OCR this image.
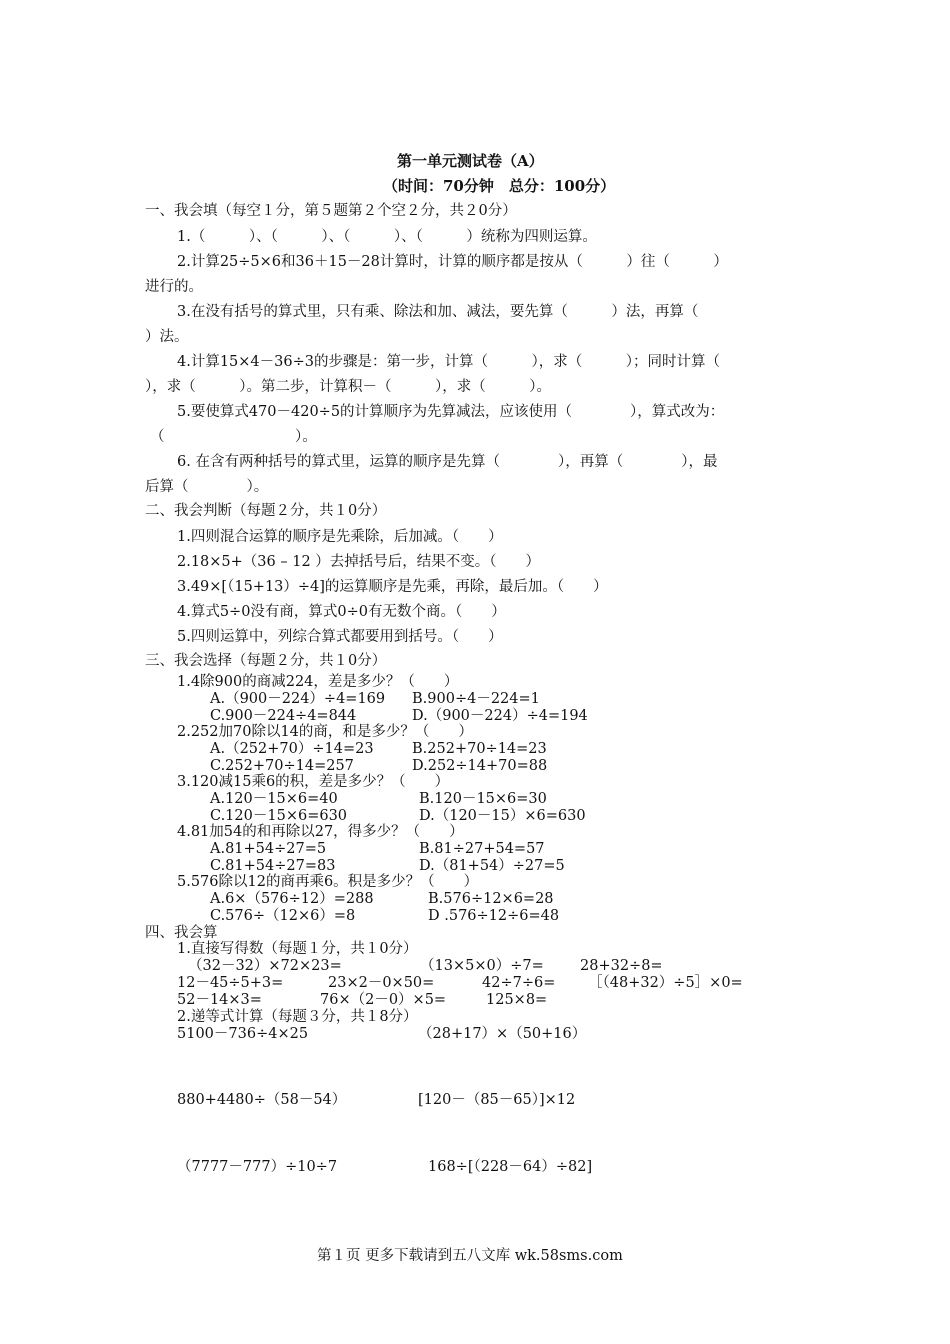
第一单元测试卷（A）
（时间：70分钟　总分：100分）
一、我会填（每空１分，第５题第２个空２分，共２0分）
1.（　　　）、（　　　）、（　　　）、（　　　）统称为四则运算。
2.计算25÷5×6和36＋15－28计算时，计算的顺序都是按从（　　　）往（　　　）
进行的。
3.在没有括号的算式里，只有乘、除法和加、减法，要先算（　　　）法，再算（
）法。
4.计算15×4－36÷3的步骤是：第一步，计算（　　　），求（　　　）；同时计算（
），求（　　　）。第二步，计算积－（　　　），求（　　　）。
5.要使算式470－420÷5的计算顺序为先算减法，应该使用（　　　　），算式改为：
（　　　　　　　　　）。
6. 在含有两种括号的算式里，运算的顺序是先算（　　　　），再算（　　　　），最
后算（　　　　）。
二、我会判断（每题２分，共１0分）
1.四则混合运算的顺序是先乘除，后加减。（　　）
2.18×5+（36 – 12 ）去掉括号后，结果不变。（　　）
3.49×[（15+13）÷4]的运算顺序是先乘，再除，最后加。（　　）
4.算式5÷0没有商，算式0÷0有无数个商。（　　）
5.四则运算中，列综合算式都要用到括号。（　　）
三、我会选择（每题２分，共１0分）
1.4除900的商减224，差是多少？（　　）
A.（900－224）÷4=169 B.900÷4－224=1
C.900－224÷4=844	D.（900－224）÷4=194
2.252加70除以14的商，和是多少？（　　）
A.（252+70）÷14=23	B.252+70÷14=23
C.252+70÷14=257	D.252÷14+70=88
3.120减15乘6的积，差是多少？（　　）
A.120－15×6=40	B.120－15×6=30
C.120－15×6=630	D.（120－15）×6=630
4.81加54的和再除以27，得多少？（　　）
A.81+54÷27=5	B.81÷27+54=57
C.81+54÷27=83	D.（81+54）÷27=5
5.576除以12的商再乘6。积是多少？（　　）
A.6×（576÷12）=288	B.576÷12×6=28
C.576÷（12×6）=8	D .576÷12÷6=48
四、我会算
1.直接写得数（每题１分，共１0分）
（32－32）×72×23=	（13×5×0）÷7=	28+32÷8=
12－45÷5+3=	23×2－0×50=	42÷7÷6= ［（48+32）÷5］×0=
52－14×3=	76×（2－0）×5=	125×8=
2.递等式计算（每题３分，共１8分）
5100－736÷4×25	（28+17）×（50+16）
880+4480÷（58－54）	[120－（85－65）]×12
（7777－777）÷10÷7	168÷[（228－64）÷82]
第１页 更多下载请到五八文库 wk.58sms.com
